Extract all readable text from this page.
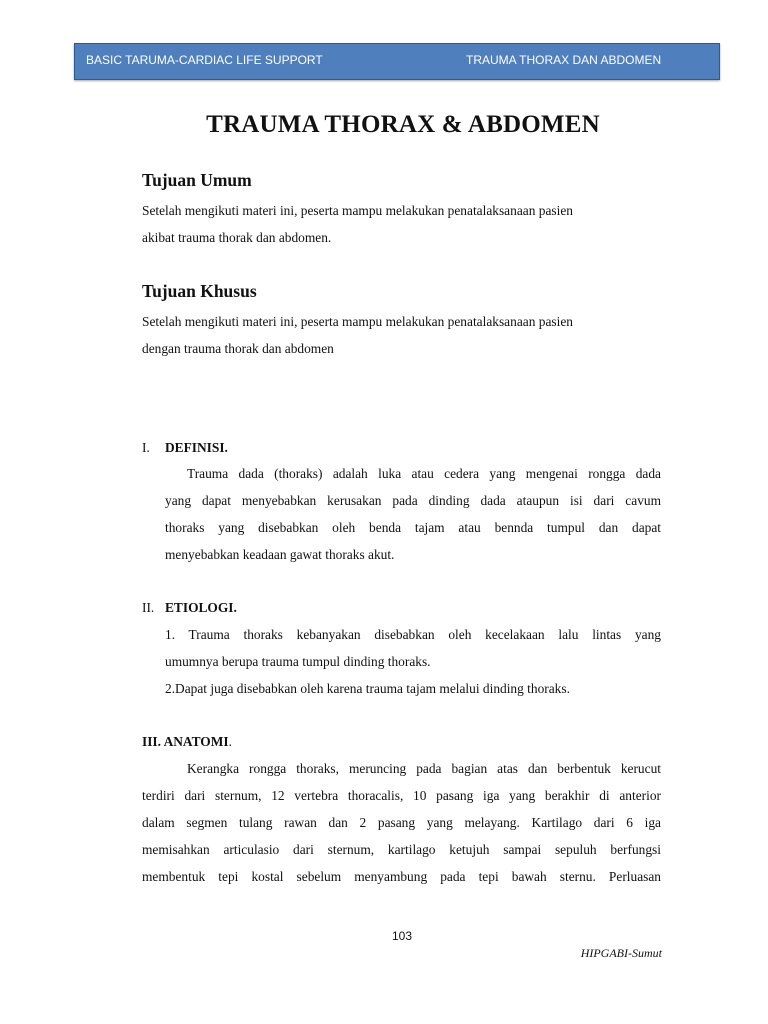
BASIC TARUMA-CARDIAC LIFE SUPPORT	TRAUMA THORAX DAN ABDOMEN
TRAUMA THORAX & ABDOMEN
Tujuan Umum
Setelah mengikuti materi ini, peserta mampu melakukan penatalaksanaan pasien
akibat trauma thorak dan abdomen.
Tujuan Khusus
Setelah mengikuti materi ini, peserta mampu melakukan penatalaksanaan pasien
dengan trauma thorak dan abdomen
I. DEFINISI.
Trauma dada (thoraks) adalah luka atau cedera yang mengenai rongga dada
yang dapat menyebabkan kerusakan pada dinding dada ataupun isi dari cavum
thoraks yang disebabkan oleh benda tajam atau bennda tumpul dan dapat
menyebabkan keadaan gawat thoraks akut.
II. ETIOLOGI.
1. Trauma thoraks kebanyakan disebabkan oleh kecelakaan lalu lintas yang
umumnya berupa trauma tumpul dinding thoraks.
2.Dapat juga disebabkan oleh karena trauma tajam melalui dinding thoraks.
III. ANATOMI.
Kerangka rongga thoraks, meruncing pada bagian atas dan berbentuk kerucut
terdiri dari sternum, 12 vertebra thoracalis, 10 pasang iga yang berakhir di anterior
dalam segmen tulang rawan dan 2 pasang yang melayang. Kartilago dari 6 iga
memisahkan articulasio dari sternum, kartilago ketujuh sampai sepuluh berfungsi
membentuk tepi kostal sebelum menyambung pada tepi bawah sternu. Perluasan
103
HIPGABI-Sumut
